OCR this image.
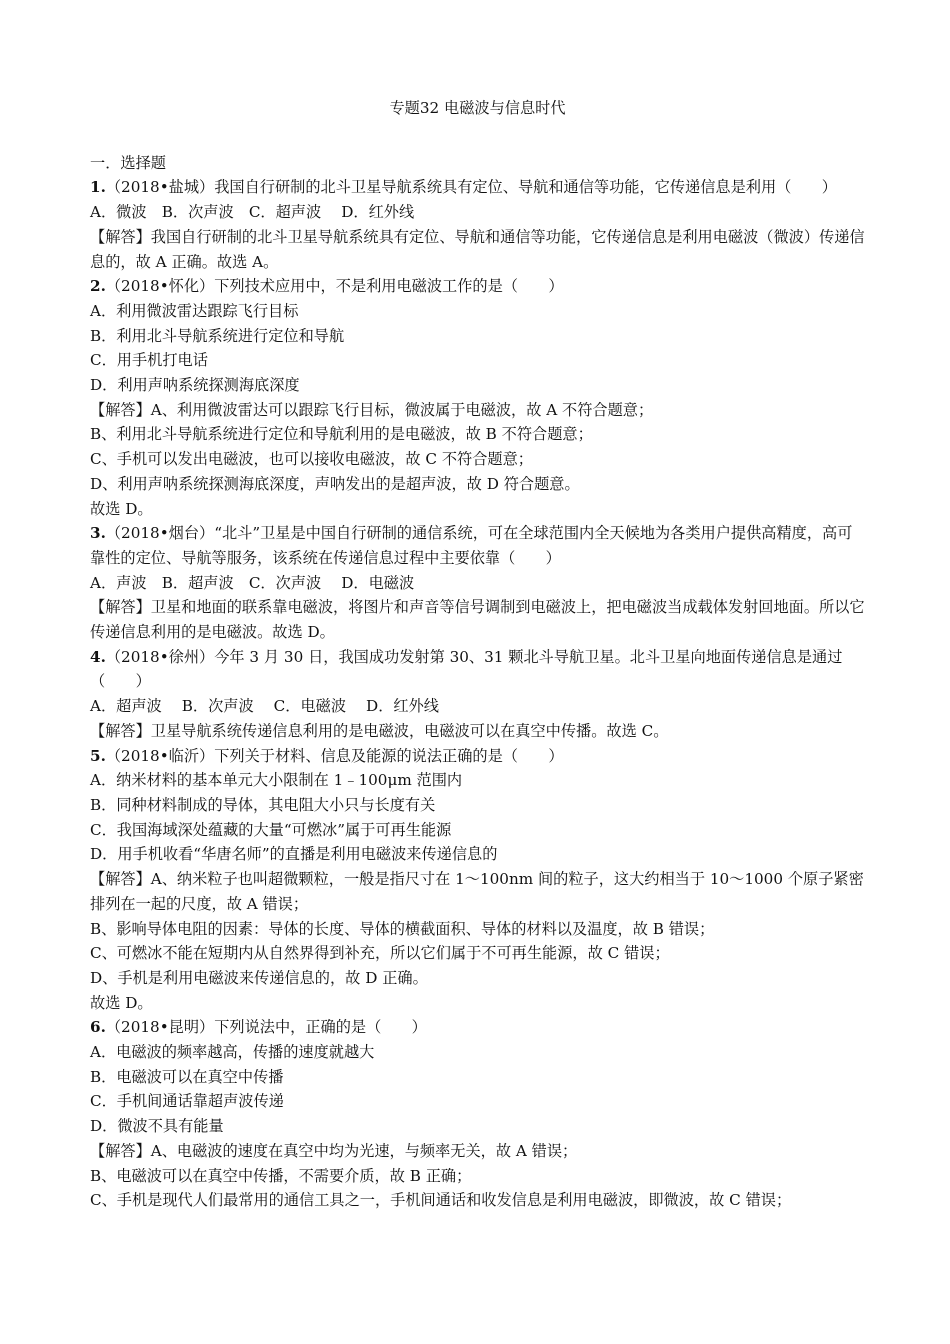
专题32 电磁波与信息时代
一．选择题
1.（2018•盐城）我国自行研制的北斗卫星导航系统具有定位、导航和通信等功能，它传递信息是利用（　　）
A．微波　B．次声波　C．超声波　 D．红外线
【解答】我国自行研制的北斗卫星导航系统具有定位、导航和通信等功能，它传递信息是利用电磁波（微波）传递信息的，故 A 正确。故选 A。
2.（2018•怀化）下列技术应用中，不是利用电磁波工作的是（　　）
A．利用微波雷达跟踪飞行目标
B．利用北斗导航系统进行定位和导航
C．用手机打电话
D．利用声呐系统探测海底深度
【解答】A、利用微波雷达可以跟踪飞行目标，微波属于电磁波，故 A 不符合题意；
B、利用北斗导航系统进行定位和导航利用的是电磁波，故 B 不符合题意；
C、手机可以发出电磁波，也可以接收电磁波，故 C 不符合题意；
D、利用声呐系统探测海底深度，声呐发出的是超声波，故 D 符合题意。
故选 D。
3.（2018•烟台）“北斗”卫星是中国自行研制的通信系统，可在全球范围内全天候地为各类用户提供高精度，高可靠性的定位、导航等服务，该系统在传递信息过程中主要依靠（　　）
A．声波　B．超声波　C．次声波　 D．电磁波
【解答】卫星和地面的联系靠电磁波，将图片和声音等信号调制到电磁波上，把电磁波当成载体发射回地面。所以它传递信息利用的是电磁波。故选 D。
4.（2018•徐州）今年 3 月 30 日，我国成功发射第 30、31 颗北斗导航卫星。北斗卫星向地面传递信息是通过（　　）
A．超声波　 B．次声波　 C．电磁波　 D．红外线
【解答】卫星导航系统传递信息利用的是电磁波，电磁波可以在真空中传播。故选 C。
5.（2018•临沂）下列关于材料、信息及能源的说法正确的是（　　）
A．纳米材料的基本单元大小限制在 1﹣100μm 范围内
B．同种材料制成的导体，其电阻大小只与长度有关
C．我国海域深处蕴藏的大量“可燃冰”属于可再生能源
D．用手机收看“华唐名师”的直播是利用电磁波来传递信息的
【解答】A、纳米粒子也叫超微颗粒，一般是指尺寸在 1～100nm 间的粒子，这大约相当于 10～1000 个原子紧密排列在一起的尺度，故 A 错误；
B、影响导体电阻的因素：导体的长度、导体的横截面积、导体的材料以及温度，故 B 错误；
C、可燃冰不能在短期内从自然界得到补充，所以它们属于不可再生能源，故 C 错误；
D、手机是利用电磁波来传递信息的，故 D 正确。
故选 D。
6.（2018•昆明）下列说法中，正确的是（　　）
A．电磁波的频率越高，传播的速度就越大
B．电磁波可以在真空中传播
C．手机间通话靠超声波传递
D．微波不具有能量
【解答】A、电磁波的速度在真空中均为光速，与频率无关，故 A 错误；
B、电磁波可以在真空中传播，不需要介质，故 B 正确；
C、手机是现代人们最常用的通信工具之一，手机间通话和收发信息是利用电磁波，即微波，故 C 错误；
